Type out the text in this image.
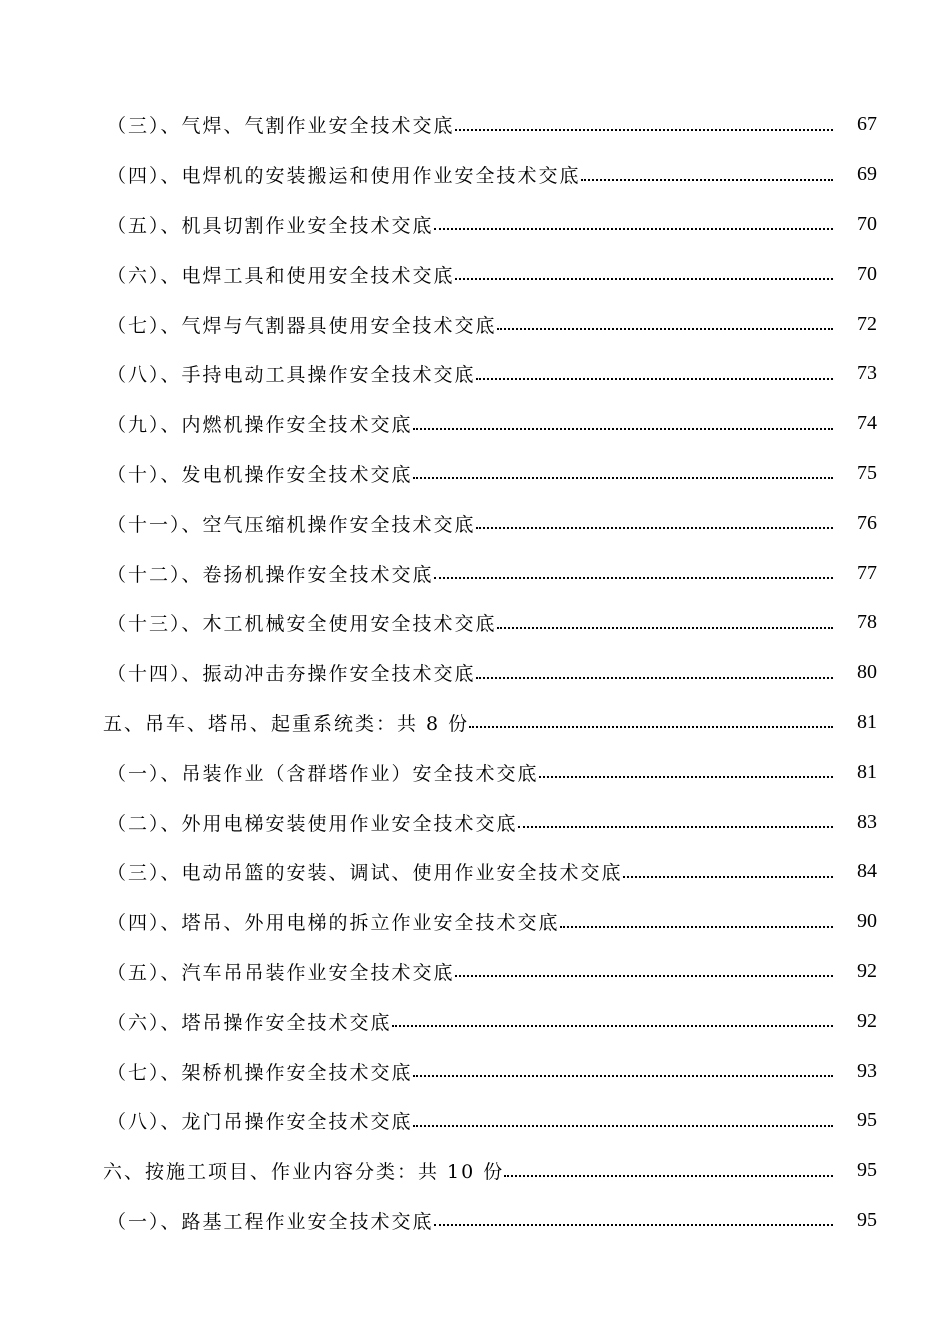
（三）、气焊、气割作业安全技术交底	67
（四）、电焊机的安装搬运和使用作业安全技术交底	69
（五）、机具切割作业安全技术交底	70
（六）、电焊工具和使用安全技术交底	70
（七）、气焊与气割器具使用安全技术交底	72
（八）、手持电动工具操作安全技术交底	73
（九）、内燃机操作安全技术交底	74
（十）、发电机操作安全技术交底	75
（十一）、空气压缩机操作安全技术交底	76
（十二）、卷扬机操作安全技术交底	77
（十三）、木工机械安全使用安全技术交底	78
（十四）、振动冲击夯操作安全技术交底	80
五、吊车、塔吊、起重系统类：共 8 份	81
（一）、吊装作业（含群塔作业）安全技术交底	81
（二）、外用电梯安装使用作业安全技术交底	83
（三）、电动吊篮的安装、调试、使用作业安全技术交底	84
（四）、塔吊、外用电梯的拆立作业安全技术交底	90
（五）、汽车吊吊装作业安全技术交底	92
（六）、塔吊操作安全技术交底	92
（七）、架桥机操作安全技术交底	93
（八）、龙门吊操作安全技术交底	95
六、按施工项目、作业内容分类：共 10 份	95
（一）、路基工程作业安全技术交底	95
